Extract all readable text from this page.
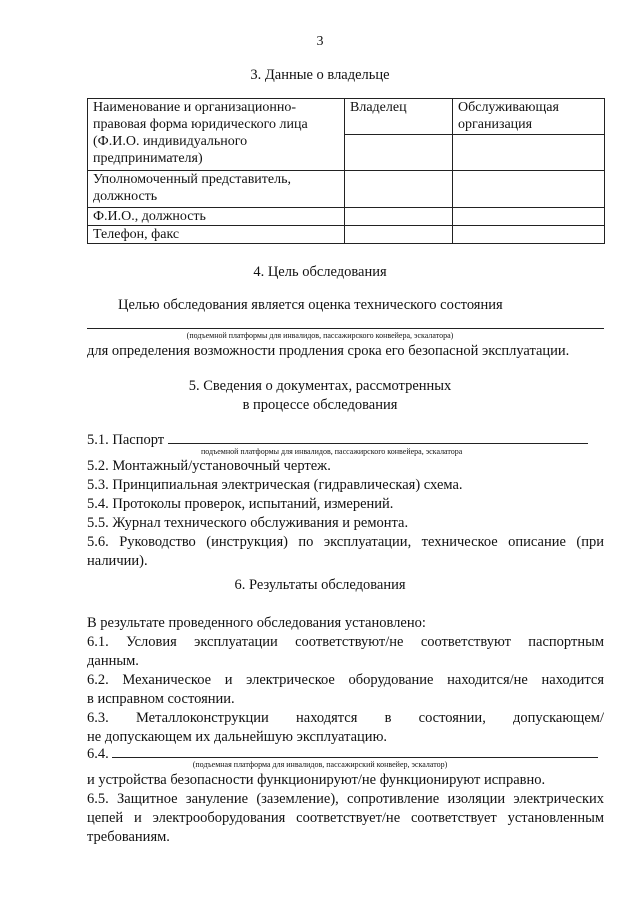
3
3. Данные о владельце
Наименование и организационно-правовая форма юридического лица (Ф.И.О. индивидуального предпринимателя)	Владелец	Обслуживающая организация

Уполномоченный представитель, должность		
Ф.И.О., должность		
Телефон, факс		
4. Цель обследования
Целью обследования является оценка технического состояния
(подъемной платформы для инвалидов, пассажирского конвейера, эскалатора)
для определения возможности продления срока его безопасной эксплуатации.
5. Сведения о документах, рассмотренных
в процессе обследования
5.1. Паспорт
подъемной платформы для инвалидов, пассажирского конвейера, эскалатора
5.2. Монтажный/установочный чертеж.
5.3. Принципиальная электрическая (гидравлическая) схема.
5.4. Протоколы проверок, испытаний, измерений.
5.5. Журнал технического обслуживания и ремонта.
5.6. Руководство (инструкция) по эксплуатации, техническое описание (при
наличии).
6. Результаты обследования
В результате проведенного обследования установлено:
6.1. Условия эксплуатации соответствуют/не соответствуют паспортным
данным.
6.2. Механическое и электрическое оборудование находится/не находится
в исправном состоянии.
6.3. Металлоконструкции находятся в состоянии, допускающем/
не допускающем их дальнейшую эксплуатацию.
6.4.
(подъемная платформа для инвалидов, пассажирский конвейер, эскалатор)
и устройства безопасности функционируют/не функционируют исправно.
6.5. Защитное зануление (заземление), сопротивление изоляции электрических
цепей и электрооборудования соответствует/не соответствует установленным
требованиям.
